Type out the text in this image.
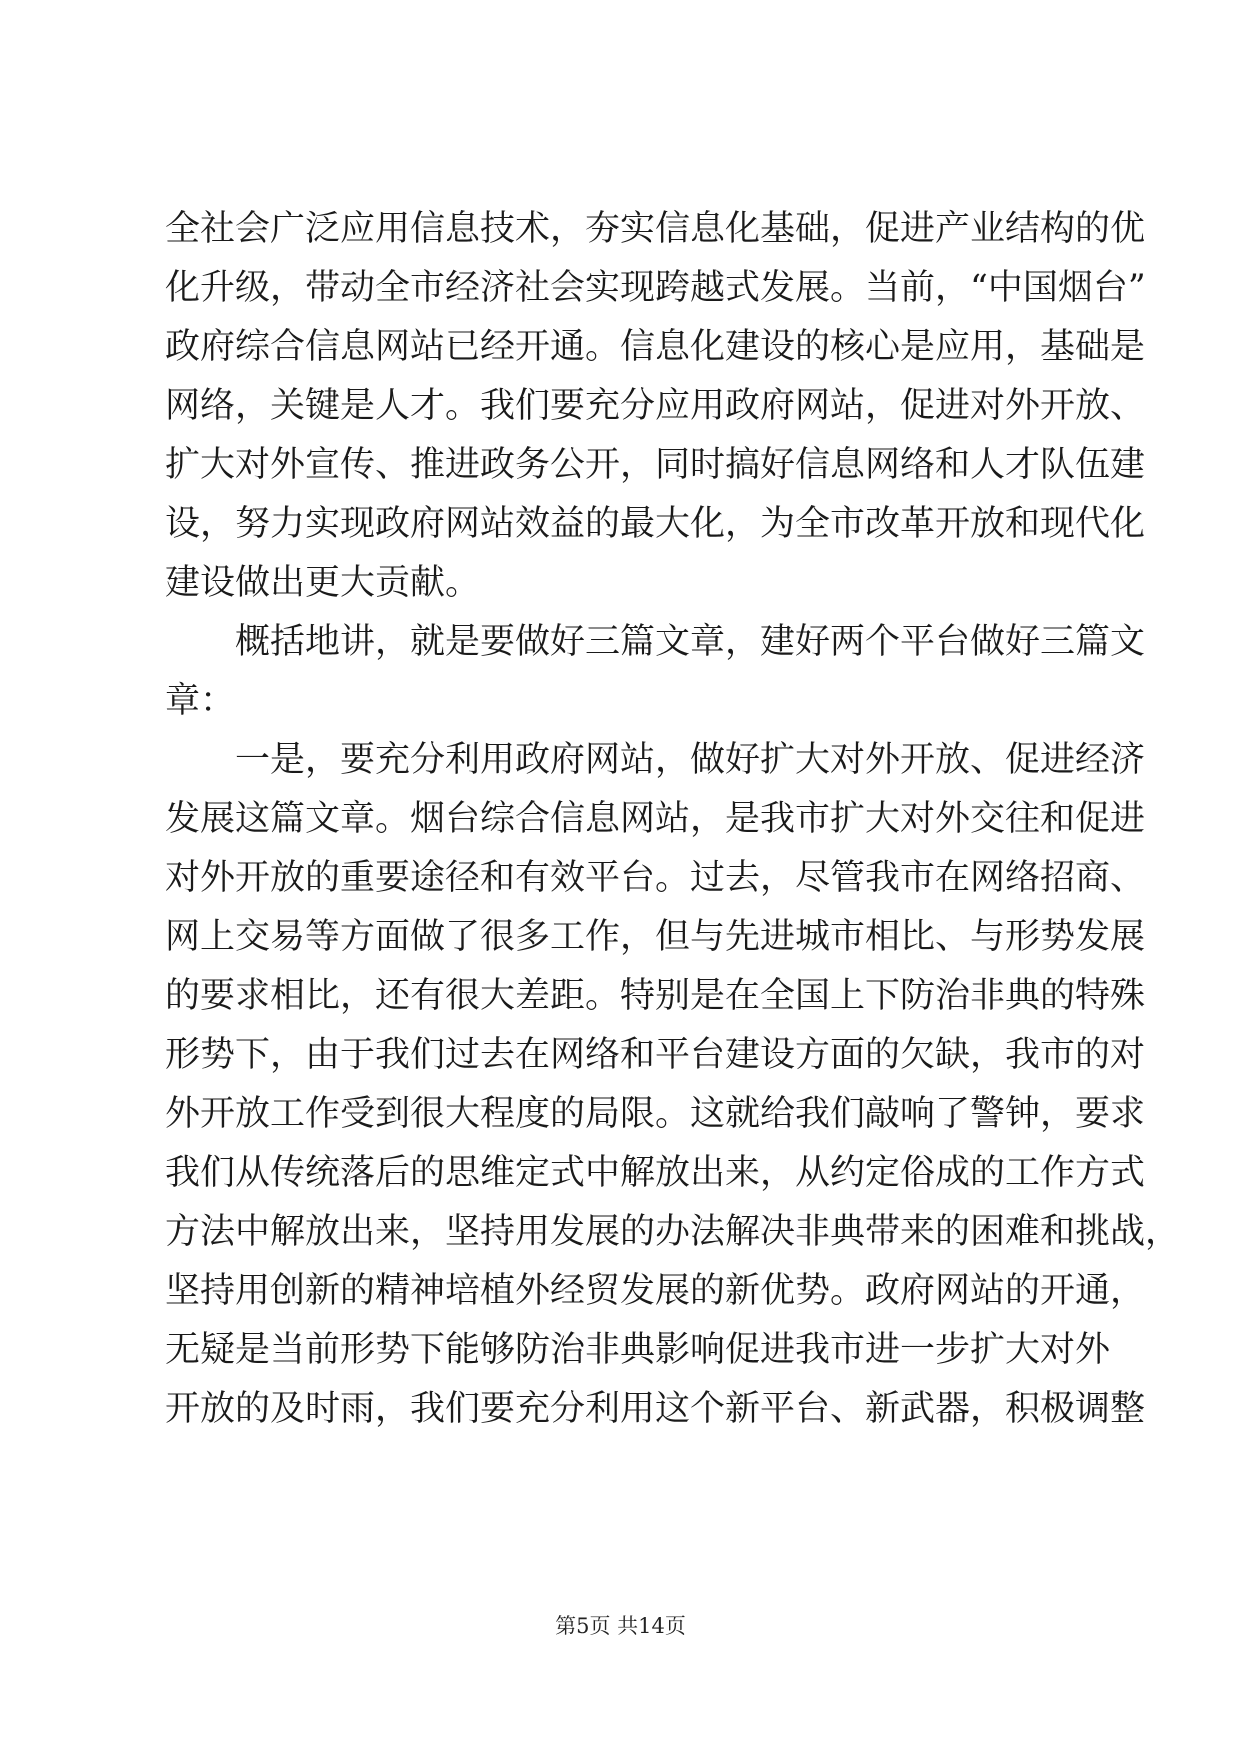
全社会广泛应用信息技术，夯实信息化基础，促进产业结构的优
化升级，带动全市经济社会实现跨越式发展。当前，“中国烟台”
政府综合信息网站已经开通。信息化建设的核心是应用，基础是
网络，关键是人才。我们要充分应用政府网站，促进对外开放、
扩大对外宣传、推进政务公开，同时搞好信息网络和人才队伍建
设，努力实现政府网站效益的最大化，为全市改革开放和现代化
建设做出更大贡献。
概括地讲，就是要做好三篇文章，建好两个平台做好三篇文
章：
一是，要充分利用政府网站，做好扩大对外开放、促进经济
发展这篇文章。烟台综合信息网站，是我市扩大对外交往和促进
对外开放的重要途径和有效平台。过去，尽管我市在网络招商、
网上交易等方面做了很多工作，但与先进城市相比、与形势发展
的要求相比，还有很大差距。特别是在全国上下防治非典的特殊
形势下，由于我们过去在网络和平台建设方面的欠缺，我市的对
外开放工作受到很大程度的局限。这就给我们敲响了警钟，要求
我们从传统落后的思维定式中解放出来，从约定俗成的工作方式
方法中解放出来，坚持用发展的办法解决非典带来的困难和挑战，
坚持用创新的精神培植外经贸发展的新优势。政府网站的开通，
无疑是当前形势下能够防治非典影响促进我市进一步扩大对外
开放的及时雨，我们要充分利用这个新平台、新武器，积极调整
第5页 共14页
